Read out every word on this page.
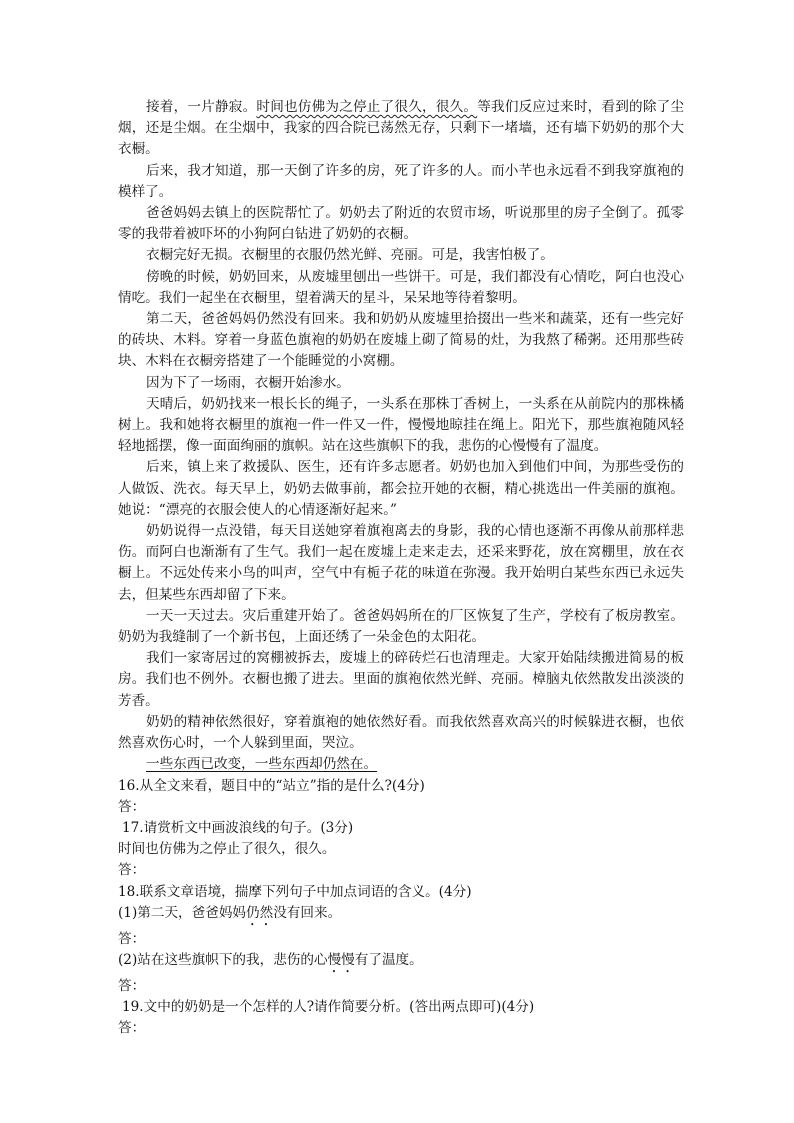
接着，一片静寂。时间也仿佛为之停止了很久，很久。等我们反应过来时，看到的除了尘烟，还是尘烟。在尘烟中，我家的四合院已荡然无存，只剩下一堵墙，还有墙下奶奶的那个大衣橱。

后来，我才知道，那一天倒了许多的房，死了许多的人。而小芊也永远看不到我穿旗袍的模样了。

爸爸妈妈去镇上的医院帮忙了。奶奶去了附近的农贸市场，听说那里的房子全倒了。孤零零的我带着被吓坏的小狗阿白钻进了奶奶的衣橱。

衣橱完好无损。衣橱里的衣服仍然光鲜、亮丽。可是，我害怕极了。

傍晚的时候，奶奶回来，从废墟里刨出一些饼干。可是，我们都没有心情吃，阿白也没心情吃。我们一起坐在衣橱里，望着满天的星斗，呆呆地等待着黎明。

第二天，爸爸妈妈仍然没有回来。我和奶奶从废墟里拾掇出一些米和蔬菜，还有一些完好的砖块、木料。穿着一身蓝色旗袍的奶奶在废墟上砌了简易的灶，为我熬了稀粥。还用那些砖块、木料在衣橱旁搭建了一个能睡觉的小窝棚。

因为下了一场雨，衣橱开始渗水。

天晴后，奶奶找来一根长长的绳子，一头系在那株丁香树上，一头系在从前院内的那株橘树上。我和她将衣橱里的旗袍一件一件又一件，慢慢地晾挂在绳上。阳光下，那些旗袍随风轻轻地摇摆，像一面面绚丽的旗帜。站在这些旗帜下的我，悲伤的心慢慢有了温度。

后来，镇上来了救援队、医生，还有许多志愿者。奶奶也加入到他们中间，为那些受伤的人做饭、洗衣。每天早上，奶奶去做事前，都会拉开她的衣橱，精心挑选出一件美丽的旗袍。她说：“漂亮的衣服会使人的心情逐渐好起来。”

奶奶说得一点没错，每天目送她穿着旗袍离去的身影，我的心情也逐渐不再像从前那样悲伤。而阿白也渐渐有了生气。我们一起在废墟上走来走去，还采来野花，放在窝棚里，放在衣橱上。不远处传来小鸟的叫声，空气中有栀子花的味道在弥漫。我开始明白某些东西已永远失去，但某些东西却留了下来。

一天一天过去。灾后重建开始了。爸爸妈妈所在的厂区恢复了生产，学校有了板房教室。奶奶为我缝制了一个新书包，上面还绣了一朵金色的太阳花。

我们一家寄居过的窝棚被拆去，废墟上的碎砖烂石也清理走。大家开始陆续搬进简易的板房。我们也不例外。衣橱也搬了进去。里面的旗袍依然光鲜、亮丽。樟脑丸依然散发出淡淡的芳香。

奶奶的精神依然很好，穿着旗袍的她依然好看。而我依然喜欢高兴的时候躲进衣橱，也依然喜欢伤心时，一个人躲到里面，哭泣。

一些东西已改变，一些东西却仍然在。

16.从全文来看，题目中的“站立”指的是什么?(4分)

答：

17.请赏析文中画波浪线的句子。(3分)

时间也仿佛为之停止了很久，很久。

答：

18.联系文章语境，揣摩下列句子中加点词语的含义。(4分)

(1)第二天，爸爸妈妈仍然没有回来。

答：

(2)站在这些旗帜下的我，悲伤的心慢慢有了温度。

答：

19.文中的奶奶是一个怎样的人?请作简要分析。(答出两点即可)(4分)

答：
